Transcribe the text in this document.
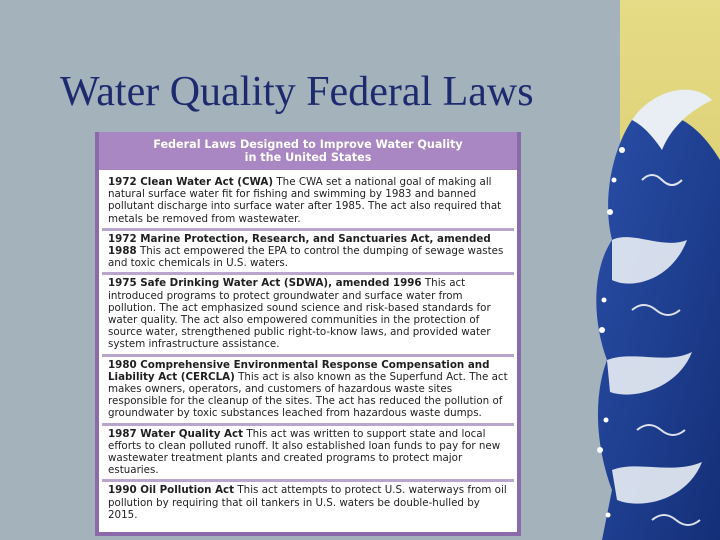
Water Quality Federal Laws
Federal Laws Designed to Improve Water Quality
in the United States
1972 Clean Water Act (CWA) The CWA set a national goal of making all natural surface water fit for fishing and swimming by 1983 and banned pollutant discharge into surface water after 1985. The act also required that metals be removed from wastewater.
1972 Marine Protection, Research, and Sanctuaries Act, amended 1988 This act empowered the EPA to control the dumping of sewage wastes and toxic chemicals in U.S. waters.
1975 Safe Drinking Water Act (SDWA), amended 1996 This act introduced programs to protect groundwater and surface water from pollution. The act emphasized sound science and risk-based standards for water quality. The act also empowered communities in the protection of source water, strengthened public right-to-know laws, and provided water system infrastructure assistance.
1980 Comprehensive Environmental Response Compensation and Liability Act (CERCLA) This act is also known as the Superfund Act. The act makes owners, operators, and customers of hazardous waste sites responsible for the cleanup of the sites. The act has reduced the pollution of groundwater by toxic substances leached from hazardous waste dumps.
1987 Water Quality Act This act was written to support state and local efforts to clean polluted runoff. It also established loan funds to pay for new wastewater treatment plants and created programs to protect major estuaries.
1990 Oil Pollution Act This act attempts to protect U.S. waterways from oil pollution by requiring that oil tankers in U.S. waters be double-hulled by 2015.
